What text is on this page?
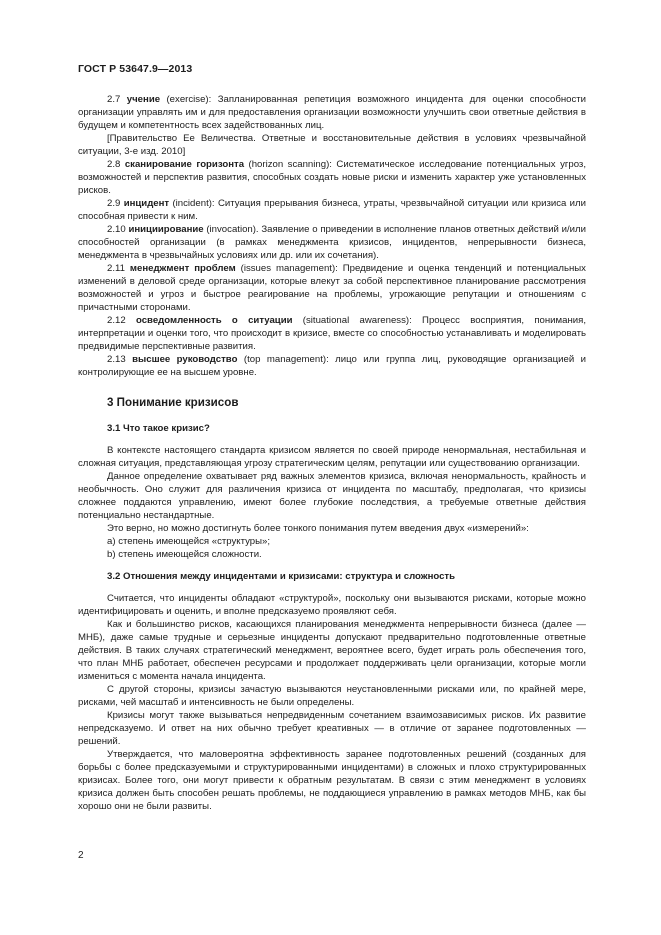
ГОСТ Р 53647.9—2013

2.7 учение (exercise): Запланированная репетиция возможного инцидента для оценки способности организации управлять им и для предоставления организации возможности улучшить свои ответные действия в будущем и компетентность всех задействованных лиц.

[Правительство Ее Величества. Ответные и восстановительные действия в условиях чрезвычайной ситуации, 3-е изд. 2010]

2.8 сканирование горизонта (horizon scanning): Систематическое исследование потенциальных угроз, возможностей и перспектив развития, способных создать новые риски и изменить характер уже установленных рисков.

2.9 инцидент (incident): Ситуация прерывания бизнеса, утраты, чрезвычайной ситуации или кризиса или способная привести к ним.

2.10 инициирование (invocation). Заявление о приведении в исполнение планов ответных действий и/или способностей организации (в рамках менеджмента кризисов, инцидентов, непрерывности бизнеса, менеджмента в чрезвычайных условиях или др. или их сочетания).

2.11 менеджмент проблем (issues management): Предвидение и оценка тенденций и потенциальных изменений в деловой среде организации, которые влекут за собой перспективное планирование рассмотрения возможностей и угроз и быстрое реагирование на проблемы, угрожающие репутации и отношениям с причастными сторонами.

2.12 осведомленность о ситуации (situational awareness): Процесс восприятия, понимания, интерпретации и оценки того, что происходит в кризисе, вместе со способностью устанавливать и моделировать предвидимые перспективные развития.

2.13 высшее руководство (top management): лицо или группа лиц, руководящие организацией и контролирующие ее на высшем уровне.

3 Понимание кризисов
3.1 Что такое кризис?

В контексте настоящего стандарта кризисом является по своей природе ненормальная, нестабильная и сложная ситуация, представляющая угрозу стратегическим целям, репутации или существованию организации.

Данное определение охватывает ряд важных элементов кризиса, включая ненормальность, крайность и необычность. Оно служит для различения кризиса от инцидента по масштабу, предполагая, что кризисы сложнее поддаются управлению, имеют более глубокие последствия, а требуемые ответные действия потенциально нестандартные.

Это верно, но можно достигнуть более тонкого понимания путем введения двух «измерений»:

a) степень имеющейся «структуры»;

b) степень имеющейся сложности.

3.2 Отношения между инцидентами и кризисами: структура и сложность

Считается, что инциденты обладают «структурой», поскольку они вызываются рисками, которые можно идентифицировать и оценить, и вполне предсказуемо проявляют себя.

Как и большинство рисков, касающихся планирования менеджмента непрерывности бизнеса (далее — МНБ), даже самые трудные и серьезные инциденты допускают предварительно подготовленные ответные действия. В таких случаях стратегический менеджмент, вероятнее всего, будет играть роль обеспечения того, что план МНБ работает, обеспечен ресурсами и продолжает поддерживать цели организации, которые могли измениться с момента начала инцидента.

С другой стороны, кризисы зачастую вызываются неустановленными рисками или, по крайней мере, рисками, чей масштаб и интенсивность не были определены.

Кризисы могут также вызываться непредвиденным сочетанием взаимозависимых рисков. Их развитие непредсказуемо. И ответ на них обычно требует креативных — в отличие от заранее подготовленных — решений.

Утверждается, что маловероятна эффективность заранее подготовленных решений (созданных для борьбы с более предсказуемыми и структурированными инцидентами) в сложных и плохо структурированных кризисах. Более того, они могут привести к обратным результатам. В связи с этим менеджмент в условиях кризиса должен быть способен решать проблемы, не поддающиеся управлению в рамках методов МНБ, как бы хорошо они не были развиты.

2
